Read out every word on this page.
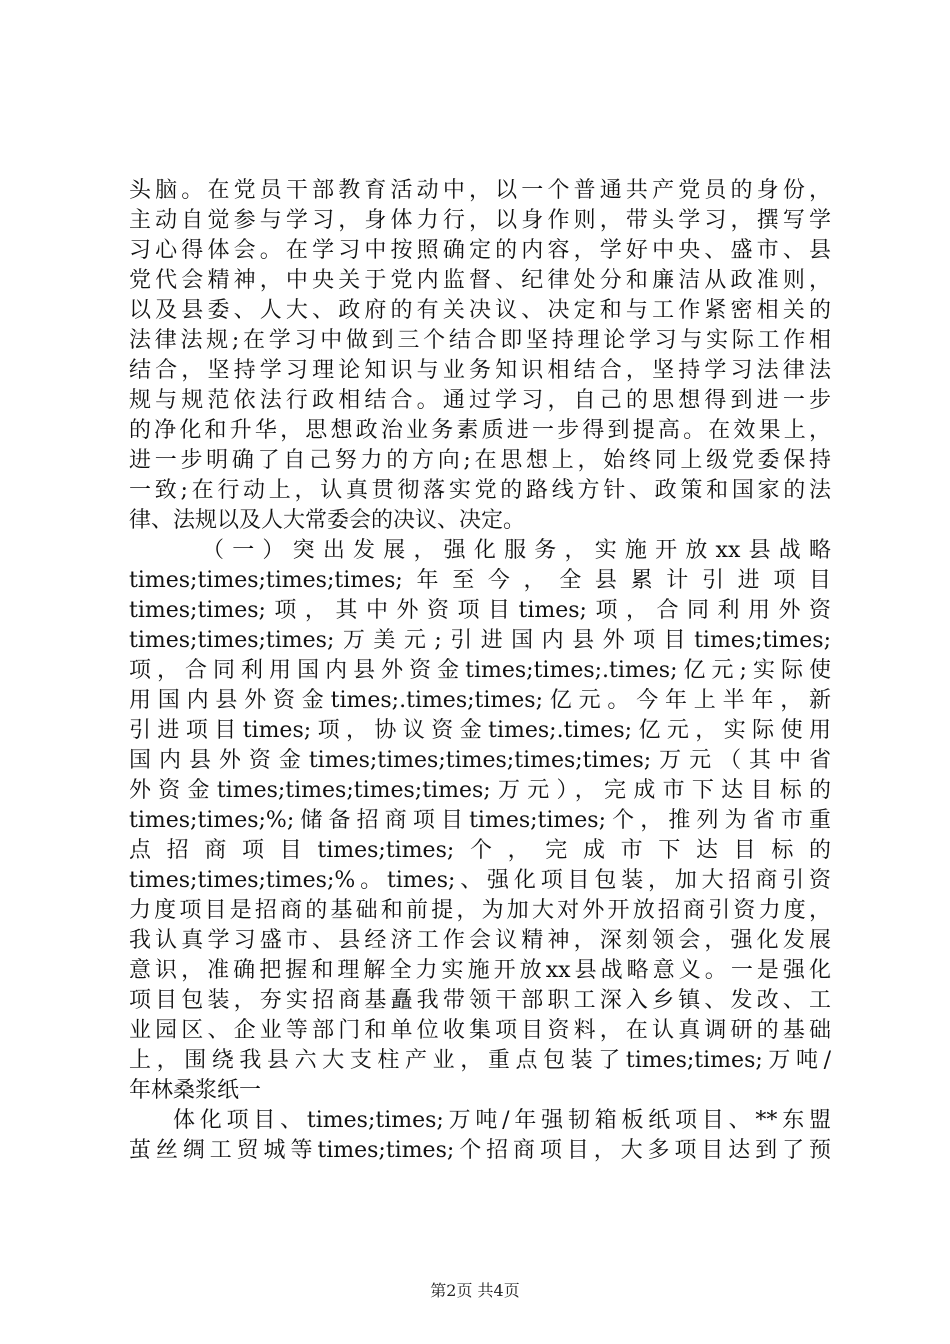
头脑。在党员干部教育活动中，以一个普通共产党员的身份，
主动自觉参与学习，身体力行，以身作则，带头学习，撰写学
习心得体会。在学习中按照确定的内容，学好中央、盛市、县
党代会精神，中央关于党内监督、纪律处分和廉洁从政准则，
以及县委、人大、政府的有关决议、决定和与工作紧密相关的
法律法规;在学习中做到三个结合即坚持理论学习与实际工作相
结合，坚持学习理论知识与业务知识相结合，坚持学习法律法
规与规范依法行政相结合。通过学习，自己的思想得到进一步
的净化和升华，思想政治业务素质进一步得到提高。在效果上，
进一步明确了自己努力的方向;在思想上，始终同上级党委保持
一致;在行动上，认真贯彻落实党的路线方针、政策和国家的法
律、法规以及人大常委会的决议、决定。
（一）突出发展，强化服务，实施开放xx县战略
times;times;times;times;年至今，全县累计引进项目
times;times;项，其中外资项目times;项，合同利用外资
times;times;times;万美元;引进国内县外项目times;times;
项，合同利用国内县外资金times;times;.times;亿元;实际使
用国内县外资金times;.times;times;亿元。今年上半年，新
引进项目times;项，协议资金times;.times;亿元，实际使用
国内县外资金times;times;times;times;times;万元（其中省
外资金times;times;times;times;万元），完成市下达目标的
times;times;%;储备招商项目times;times;个，推列为省市重
点招商项目times;times;个，完成市下达目标的
times;times;times;%。times;、强化项目包装，加大招商引资
力度项目是招商的基础和前提，为加大对外开放招商引资力度，
我认真学习盛市、县经济工作会议精神，深刻领会，强化发展
意识，准确把握和理解全力实施开放xx县战略意义。一是强化
项目包装，夯实招商基矗我带领干部职工深入乡镇、发改、工
业园区、企业等部门和单位收集项目资料，在认真调研的基础
上，围绕我县六大支柱产业，重点包装了times;times;万吨/
年林桑浆纸一
体化项目、times;times;万吨/年强韧箱板纸项目、**东盟
茧丝绸工贸城等times;times;个招商项目，大多项目达到了预
第2页 共4页
